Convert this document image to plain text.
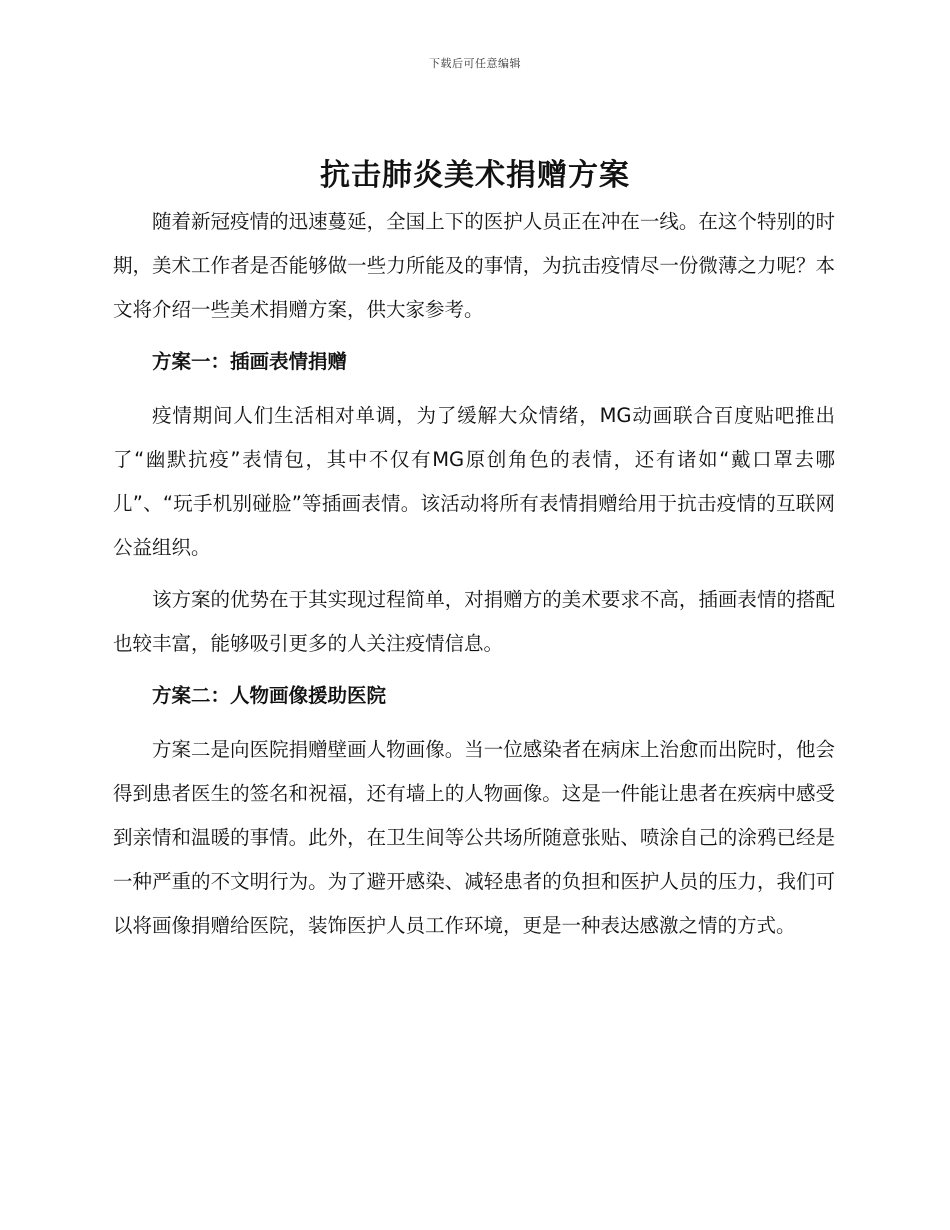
下载后可任意编辑
抗击肺炎美术捐赠方案

随着新冠疫情的迅速蔓延，全国上下的医护人员正在冲在一线。在这个特别的时期，美术工作者是否能够做一些力所能及的事情，为抗击疫情尽一份微薄之力呢？本文将介绍一些美术捐赠方案，供大家参考。

方案一：插画表情捐赠

疫情期间人们生活相对单调，为了缓解大众情绪，MG动画联合百度贴吧推出了“幽默抗疫”表情包，其中不仅有MG原创角色的表情，还有诸如“戴口罩去哪儿”、“玩手机别碰脸”等插画表情。该活动将所有表情捐赠给用于抗击疫情的互联网公益组织。

该方案的优势在于其实现过程简单，对捐赠方的美术要求不高，插画表情的搭配也较丰富，能够吸引更多的人关注疫情信息。

方案二：人物画像援助医院

方案二是向医院捐赠壁画人物画像。当一位感染者在病床上治愈而出院时，他会得到患者医生的签名和祝福，还有墙上的人物画像。这是一件能让患者在疾病中感受到亲情和温暖的事情。此外，在卫生间等公共场所随意张贴、喷涂自己的涂鸦已经是一种严重的不文明行为。为了避开感染、减轻患者的负担和医护人员的压力，我们可以将画像捐赠给医院，装饰医护人员工作环境，更是一种表达感激之情的方式。
